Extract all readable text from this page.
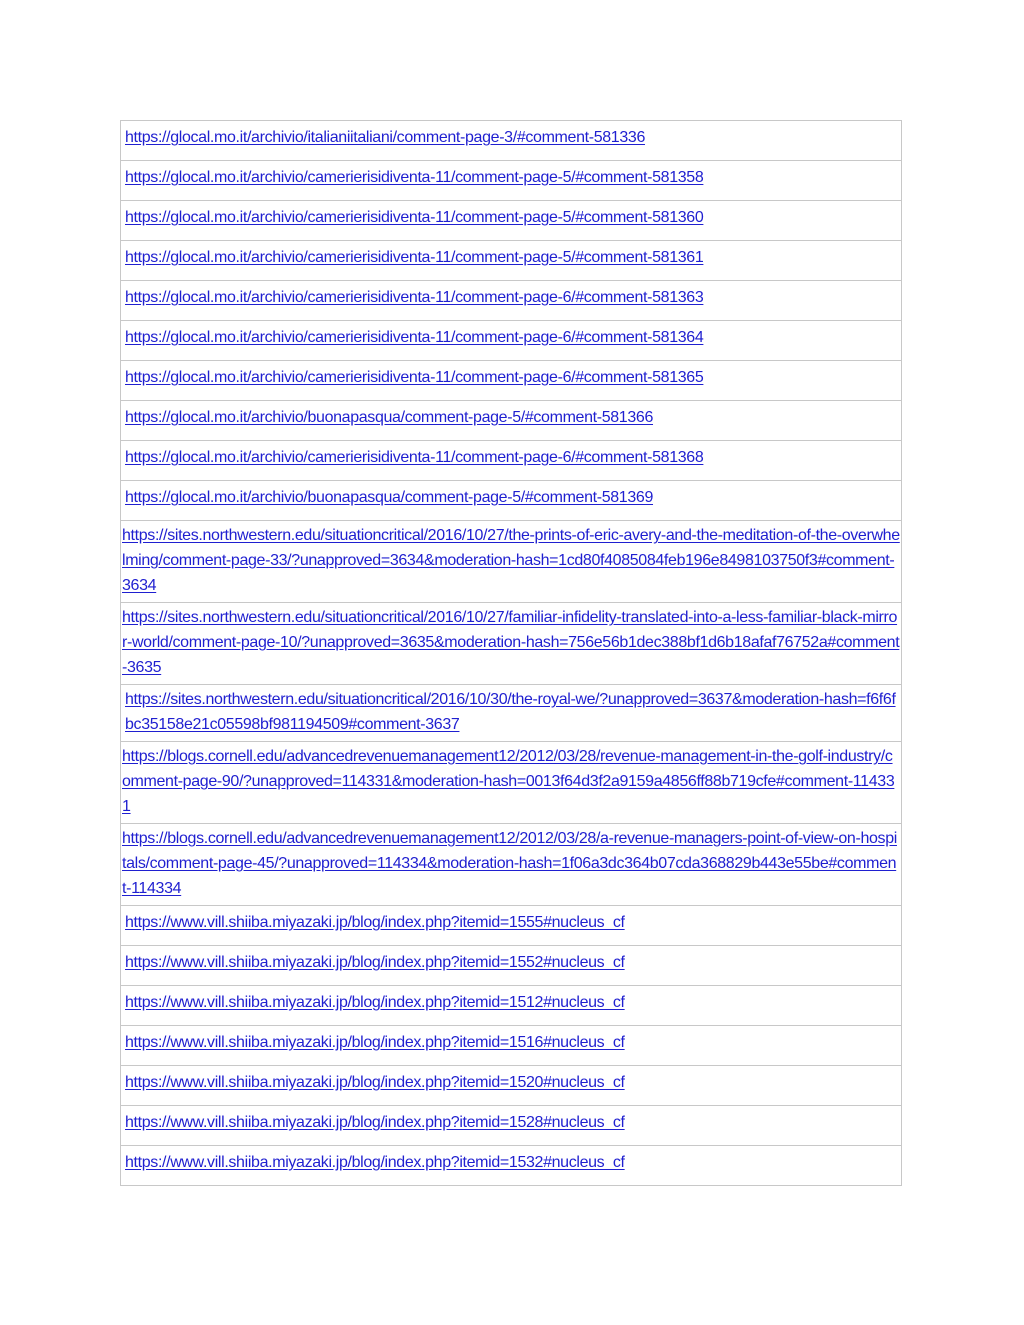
https://glocal.mo.it/archivio/italianiitaliani/comment-page-3/#comment-581336
https://glocal.mo.it/archivio/camerierisidiventa-11/comment-page-5/#comment-581358
https://glocal.mo.it/archivio/camerierisidiventa-11/comment-page-5/#comment-581360
https://glocal.mo.it/archivio/camerierisidiventa-11/comment-page-5/#comment-581361
https://glocal.mo.it/archivio/camerierisidiventa-11/comment-page-6/#comment-581363
https://glocal.mo.it/archivio/camerierisidiventa-11/comment-page-6/#comment-581364
https://glocal.mo.it/archivio/camerierisidiventa-11/comment-page-6/#comment-581365
https://glocal.mo.it/archivio/buonapasqua/comment-page-5/#comment-581366
https://glocal.mo.it/archivio/camerierisidiventa-11/comment-page-6/#comment-581368
https://glocal.mo.it/archivio/buonapasqua/comment-page-5/#comment-581369
https://sites.northwestern.edu/situationcritical/2016/10/27/the-prints-of-eric-avery-and-the-meditation-of-the-overwhelming/comment-page-33/?unapproved=3634&moderation-hash=1cd80f4085084feb196e8498103750f3#comment-3634
https://sites.northwestern.edu/situationcritical/2016/10/27/familiar-infidelity-translated-into-a-less-familiar-black-mirror-world/comment-page-10/?unapproved=3635&moderation-hash=756e56b1dec388bf1d6b18afaf76752a#comment-3635
https://sites.northwestern.edu/situationcritical/2016/10/30/the-royal-we/?unapproved=3637&moderation-hash=f6f6fbc35158e21c05598bf981194509#comment-3637
https://blogs.cornell.edu/advancedrevenuemanagement12/2012/03/28/revenue-management-in-the-golf-industry/comment-page-90/?unapproved=114331&moderation-hash=0013f64d3f2a9159a4856ff88b719cfe#comment-114331
https://blogs.cornell.edu/advancedrevenuemanagement12/2012/03/28/a-revenue-managers-point-of-view-on-hospitals/comment-page-45/?unapproved=114334&moderation-hash=1f06a3dc364b07cda368829b443e55be#comment-114334
https://www.vill.shiiba.miyazaki.jp/blog/index.php?itemid=1555#nucleus_cf
https://www.vill.shiiba.miyazaki.jp/blog/index.php?itemid=1552#nucleus_cf
https://www.vill.shiiba.miyazaki.jp/blog/index.php?itemid=1512#nucleus_cf
https://www.vill.shiiba.miyazaki.jp/blog/index.php?itemid=1516#nucleus_cf
https://www.vill.shiiba.miyazaki.jp/blog/index.php?itemid=1520#nucleus_cf
https://www.vill.shiiba.miyazaki.jp/blog/index.php?itemid=1528#nucleus_cf
https://www.vill.shiiba.miyazaki.jp/blog/index.php?itemid=1532#nucleus_cf
